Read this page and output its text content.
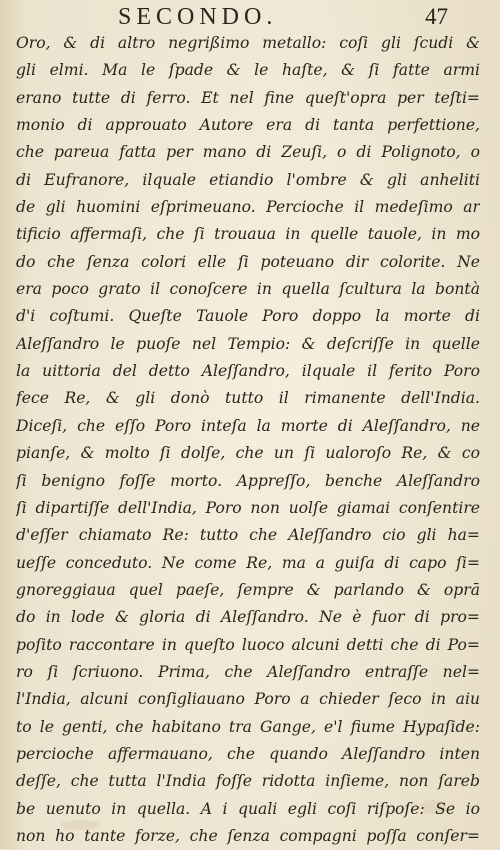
SECONDO.	47
Oro, & di altro negrißimo metallo: coſi gli ſcudi &
gli elmi. Ma le ſpade & le haſte, & ſi fatte armi
erano tutte di ferro. Et nel fine queſt'opra per teſti=
monio di approuato Autore era di tanta perfettione,
che pareua fatta per mano di Zeuſi, o di Polignoto, o
di Eufranore, ilquale etiandio l'ombre & gli anheliti
de gli huomini eſprimeuano. Percioche il medeſimo ar
tificio affermaſi, che ſi trouaua in quelle tauole, in mo
do che ſenza colori elle ſi poteuano dir colorite. Ne
era poco grato il conoſcere in quella ſcultura la bontà
d'i coſtumi. Queſte Tauole Poro doppo la morte di
Aleſſandro le puoſe nel Tempio: & deſcriſſe in quelle
la uittoria del detto Aleſſandro, ilquale il ferito Poro
fece Re, & gli donò tutto il rimanente dell'India.
Diceſi, che eſſo Poro inteſa la morte di Aleſſandro, ne
pianſe, & molto ſi dolſe, che un ſi ualoroſo Re, & co
ſi benigno foſſe morto. Appreſſo, benche Aleſſandro
ſi dipartiſſe dell'India, Poro non uolſe giamai conſentire
d'eſſer chiamato Re: tutto che Aleſſandro cio gli ha=
ueſſe conceduto. Ne come Re, ma a guiſa di capo ſi=
gnoreggiaua quel paeſe, ſempre & parlando & oprā
do in lode & gloria di Aleſſandro. Ne è fuor di pro=
poſito raccontare in queſto luoco alcuni detti che di Po=
ro ſi ſcriuono. Prima, che Aleſſandro entraſſe nel=
l'India, alcuni conſigliauano Poro a chieder ſeco in aiu
to le genti, che habitano tra Gange, e'l fiume Hypaſide:
percioche affermauano, che quando Aleſſandro inten
deſſe, che tutta l'India foſſe ridotta inſieme, non ſareb
be uenuto in quella. A i quali egli coſi riſpoſe: Se io
non ho tante forze, che ſenza compagni poſſa conſer=
